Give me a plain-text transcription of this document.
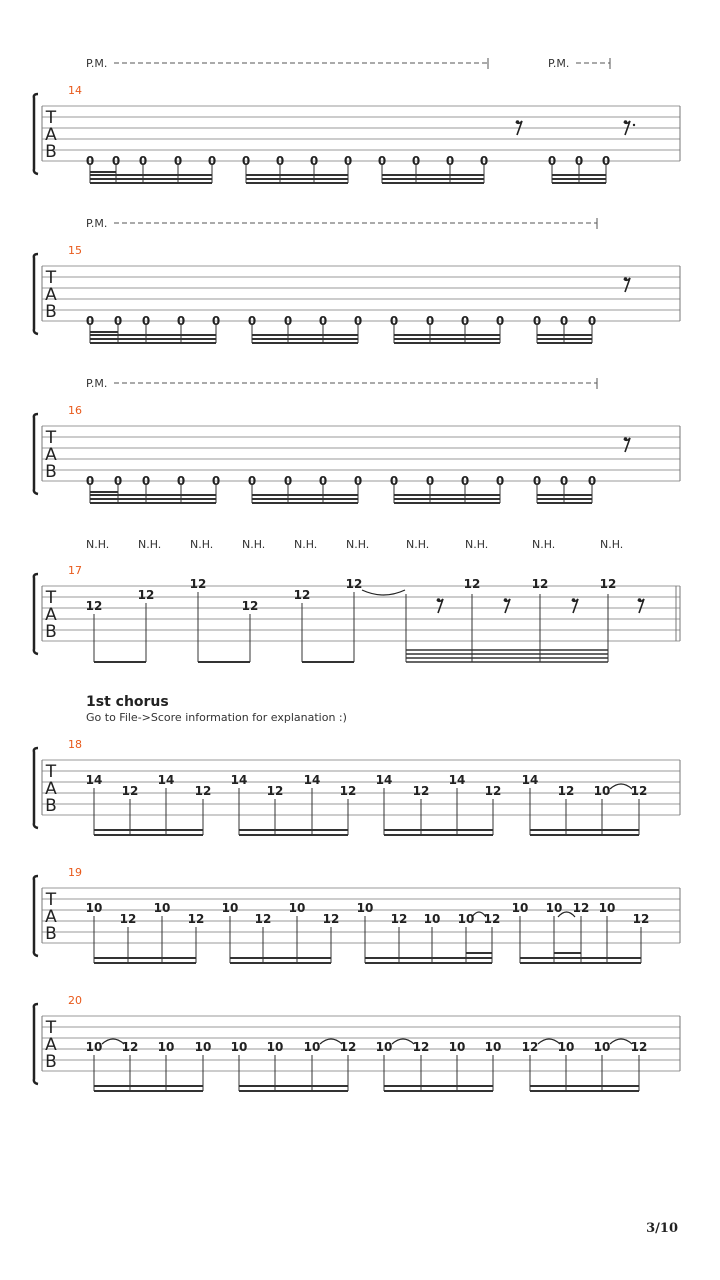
T
A
B
14
0 0 0 0 0 0 0 0 0 0 0 0 0	0 0 0
P.M.	P.M.
T
A
B
15
0 0 0 0 0 0 0 0 0 0 0 0 0 0 0 0
P.M.
T
A
B
16
0 0 0 0 0 0 0 0 0 0 0 0 0 0 0 0
P.M.
T
A
B
17
N.H.	N.H.	N.H.	N.H.	N.H.	N.H.	N.H.	N.H.	N.H.	N.H.
12
12
12
12
12
12	12	12	12
T
A
B
18
14
12
14
12
14
12
14
12
14
12
14
12
14
12 10 12
T
A
B
19
10
12
10
12
10
12
10
12
10
12 10 10 12
10 10 12 10
12
T
A
B
20
10 12 10 10 10 10 10 12 10 12 10 10 12 10 10 12
1st chorus
Go to File->Score information for explanation :)
3/10
